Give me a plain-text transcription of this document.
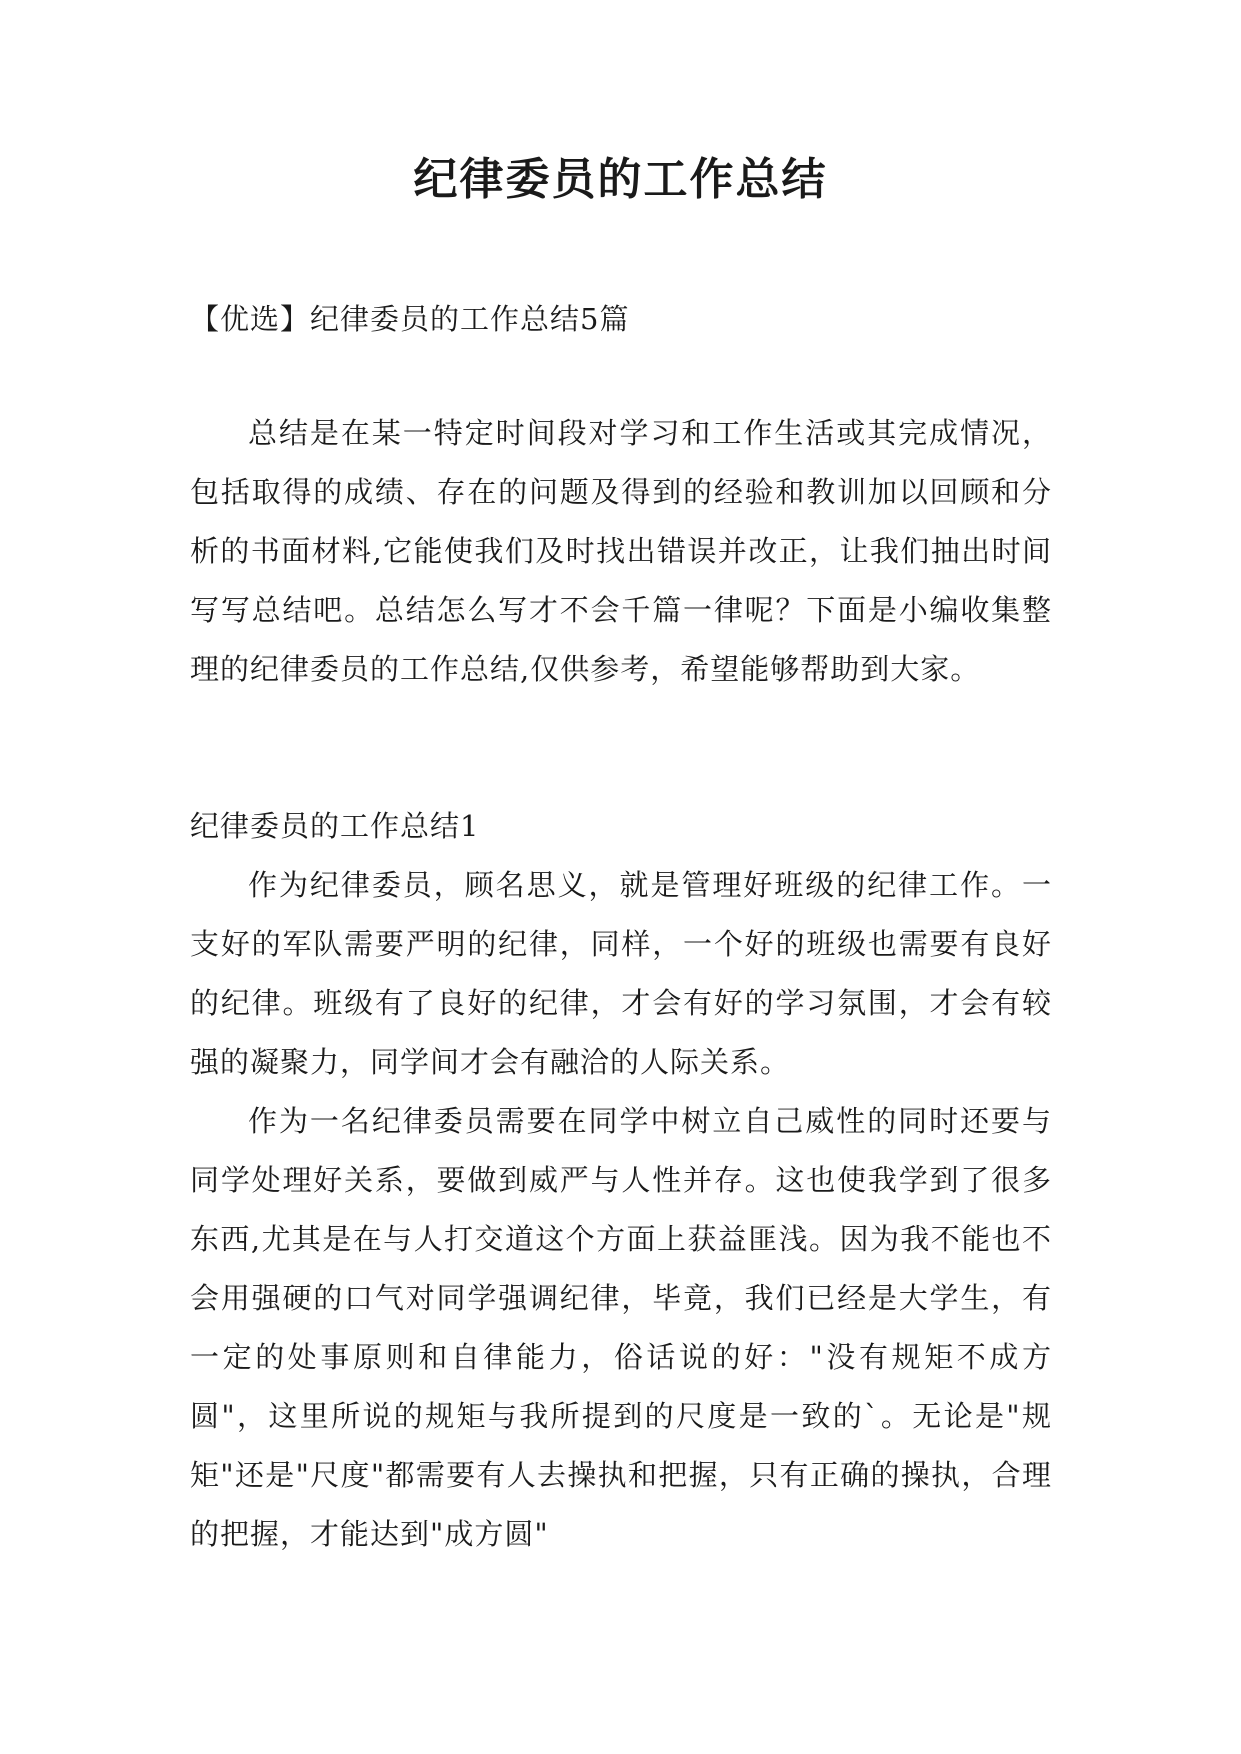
纪律委员的工作总结

【优选】纪律委员的工作总结5篇

总结是在某一特定时间段对学习和工作生活或其完成情况，包括取得的成绩、存在的问题及得到的经验和教训加以回顾和分析的书面材料,它能使我们及时找出错误并改正，让我们抽出时间写写总结吧。总结怎么写才不会千篇一律呢？下面是小编收集整理的纪律委员的工作总结,仅供参考，希望能够帮助到大家。

纪律委员的工作总结1

作为纪律委员，顾名思义，就是管理好班级的纪律工作。一支好的军队需要严明的纪律，同样，一个好的班级也需要有良好的纪律。班级有了良好的纪律，才会有好的学习氛围，才会有较强的凝聚力，同学间才会有融洽的人际关系。

作为一名纪律委员需要在同学中树立自己威性的同时还要与同学处理好关系，要做到威严与人性并存。这也使我学到了很多东西,尤其是在与人打交道这个方面上获益匪浅。因为我不能也不会用强硬的口气对同学强调纪律，毕竟，我们已经是大学生，有一定的处事原则和自律能力，俗话说的好："没有规矩不成方圆"，这里所说的规矩与我所提到的尺度是一致的`。无论是"规矩"还是"尺度"都需要有人去操执和把握，只有正确的操执，合理的把握，才能达到"成方圆"
